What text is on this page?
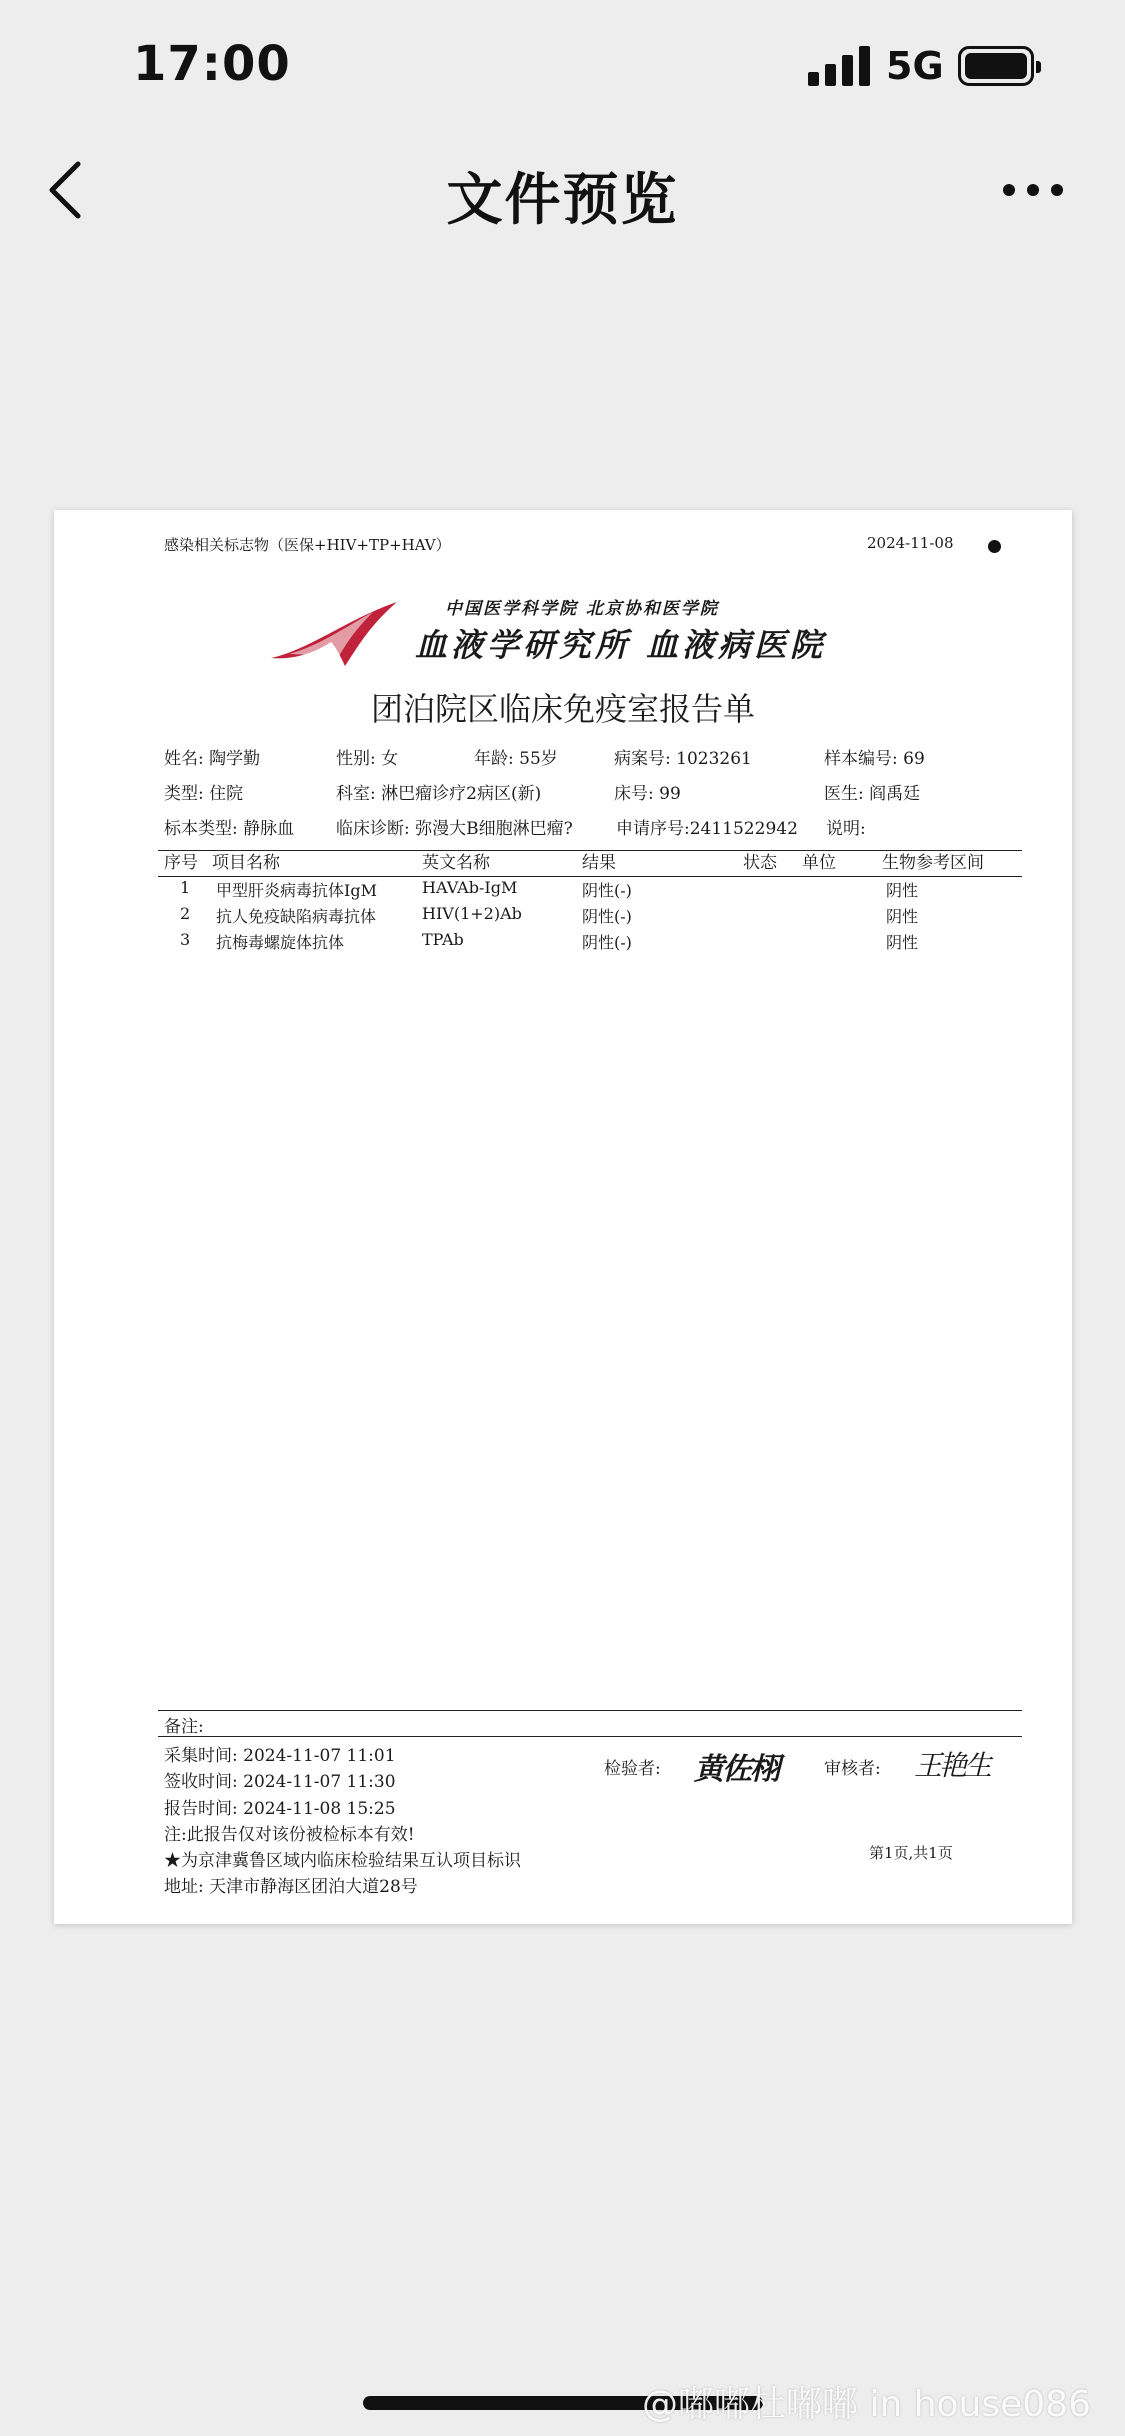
17:00	5G
文件预览
感染相关标志物（医保+HIV+TP+HAV）	2024-11-08
中国医学科学院 北京协和医学院
血液学研究所 血液病医院
团泊院区临床免疫室报告单
姓名: 陶学勤	性别: 女	年龄: 55岁	病案号: 1023261	样本编号: 69
类型: 住院	科室: 淋巴瘤诊疗2病区(新)	床号: 99	医生: 阎禹廷
标本类型: 静脉血 临床诊断: 弥漫大B细胞淋巴瘤?	申请序号:2411522942 说明:
序号 项目名称	英文名称	结果	状态 单位	生物参考区间
1 甲型肝炎病毒抗体IgM	HAVAb-IgM	阴性(-)	阴性
2 抗人免疫缺陷病毒抗体	HIV(1+2)Ab	阴性(-)	阴性
3 抗梅毒螺旋体抗体	TPAb	阴性(-)	阴性
备注:
采集时间: 2024-11-07 11:01
签收时间: 2024-11-07 11:30
报告时间: 2024-11-08 15:25
注:此报告仅对该份被检标本有效!
★为京津冀鲁区域内临床检验结果互认项目标识
地址: 天津市静海区团泊大道28号
检验者: 黄佐栩	审核者: 王艳生
第1页,共1页
@嘟嘟杜嘟嘟 in house086
